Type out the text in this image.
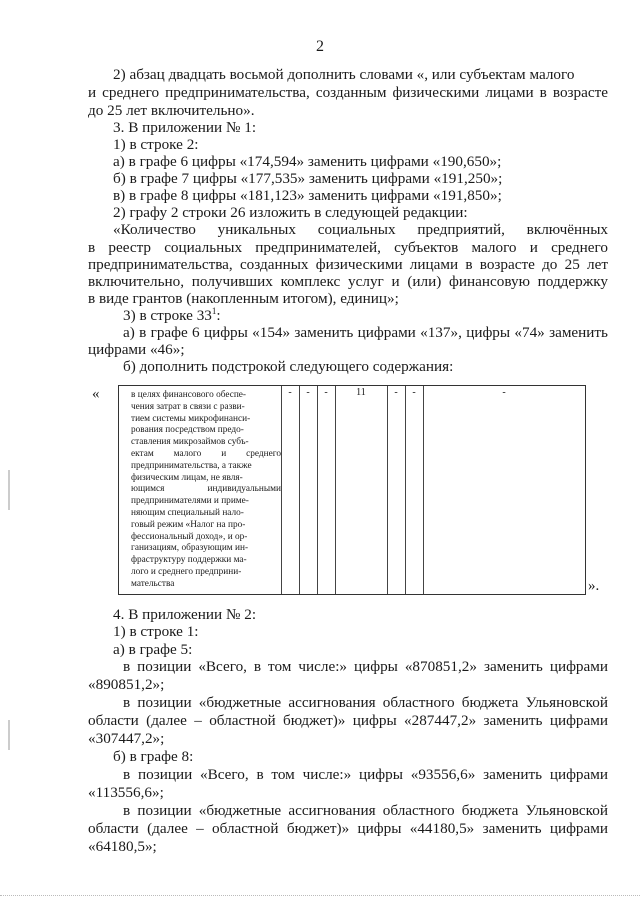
2
2) абзац двадцать восьмой дополнить словами «, или субъектам малого
и среднего предпринимательства, созданным физическими лицами в возрасте
до 25 лет включительно».
3. В приложении № 1:
1) в строке 2:
а) в графе 6 цифры «174,594» заменить цифрами «190,650»;
б) в графе 7 цифры «177,535» заменить цифрами «191,250»;
в) в графе 8 цифры «181,123» заменить цифрами «191,850»;
2) графу 2 строки 26 изложить в следующей редакции:
«Количество уникальных социальных предприятий, включённых
в реестр социальных предпринимателей, субъектов малого и среднего
предпринимательства, созданных физическими лицами в возрасте до 25 лет
включительно, получивших комплекс услуг и (или) финансовую поддержку
в виде грантов (накопленным итогом), единиц»;
3) в строке $33^1$:
а) в графе 6 цифры «154» заменить цифрами «137», цифры «74» заменить
цифрами «46»;
б) дополнить подстрокой следующего содержания:
«	в целях финансового обеспе-
чения затрат в связи с разви-
тием системы микрофинанси-
рования посредством предо-
ставления микрозаймов субъ-
ектам малого и среднего
предпринимательства, а также
физическим лицам, не явля-
ющимся индивидуальными
предпринимателями и приме-
няющим специальный нало-
говый режим «Налог на про-
фессиональный доход», и ор-
ганизациям, образующим ин-
фраструктуру поддержки ма-
лого и среднего предприни-
мательства
-	-	-	11	-	-	-
».
4. В приложении № 2:
1) в строке 1:
а) в графе 5:
в позиции «Всего, в том числе:» цифры «870851,2» заменить цифрами
«890851,2»;
в позиции «бюджетные ассигнования областного бюджета Ульяновской
области (далее – областной бюджет)» цифры «287447,2» заменить цифрами
«307447,2»;
б) в графе 8:
в позиции «Всего, в том числе:» цифры «93556,6» заменить цифрами
«113556,6»;
в позиции «бюджетные ассигнования областного бюджета Ульяновской
области (далее – областной бюджет)» цифры «44180,5» заменить цифрами
«64180,5»;
